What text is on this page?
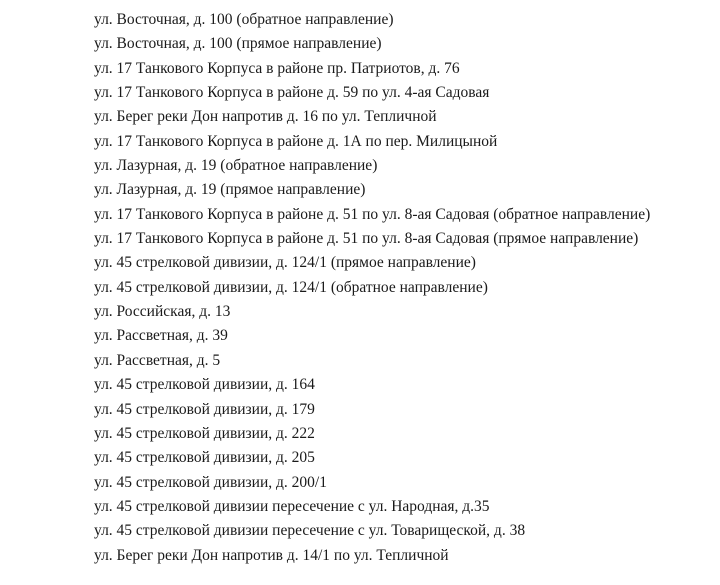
ул. Восточная, д. 100 (обратное направление)
ул. Восточная, д. 100 (прямое направление)
ул. 17 Танкового Корпуса в районе пр. Патриотов, д. 76
ул. 17 Танкового Корпуса в районе д. 59 по ул. 4-ая Садовая
ул. Берег реки Дон напротив д. 16 по ул. Тепличной
ул. 17 Танкового Корпуса в районе д. 1А по пер. Милицыной
ул. Лазурная, д. 19 (обратное направление)
ул. Лазурная, д. 19 (прямое направление)
ул. 17 Танкового Корпуса в районе д. 51 по ул. 8-ая Садовая (обратное направление)
ул. 17 Танкового Корпуса в районе д. 51 по ул. 8-ая Садовая (прямое направление)
ул. 45 стрелковой дивизии, д. 124/1 (прямое направление)
ул. 45 стрелковой дивизии, д. 124/1 (обратное направление)
ул. Российская, д. 13
ул. Рассветная, д. 39
ул. Рассветная, д. 5
ул. 45 стрелковой дивизии, д. 164
ул. 45 стрелковой дивизии, д. 179
ул. 45 стрелковой дивизии, д. 222
ул. 45 стрелковой дивизии, д. 205
ул. 45 стрелковой дивизии, д. 200/1
ул. 45 стрелковой дивизии пересечение с ул. Народная, д.35
ул. 45 стрелковой дивизии пересечение с ул. Товарищеской, д. 38
ул. Берег реки Дон напротив д. 14/1 по ул. Тепличной
